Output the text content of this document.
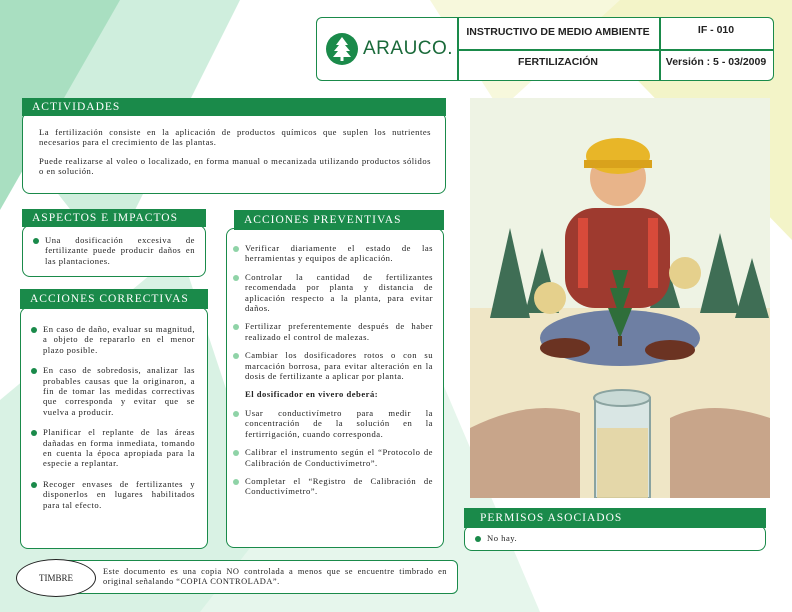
ARAUCO.
INSTRUCTIVO DE MEDIO AMBIENTE	IF - 010
FERTILIZACIÓN	Versión : 5 - 03/2009
ACTIVIDADES

La fertilización consiste en la aplicación de productos químicos que suplen los nutrientes necesarios para el crecimiento de las plantas.

Puede realizarse al voleo o localizado, en forma manual o mecanizada utilizando productos sólidos o en solución.

ASPECTOS E IMPACTOS
Una dosificación excesiva de fertilizante puede producir daños en las plantaciones.
ACCIONES CORRECTIVAS
En caso de daño, evaluar su magnitud, a objeto de repararlo en el menor plazo posible.
En caso de sobredosis, analizar las probables causas que la originaron, a fin de tomar las medidas correctivas que corresponda y evitar que se vuelva a producir.
Planificar el replante de las áreas dañadas en forma inmediata, tomando en cuenta la época apropiada para la especie a replantar.
Recoger envases de fertilizantes y disponerlos en lugares habilitados para tal efecto.
ACCIONES PREVENTIVAS
Verificar diariamente el estado de las herramientas y equipos de aplicación.
Controlar la cantidad de fertilizantes recomendada por planta y distancia de aplicación respecto a la planta, para evitar daños.
Fertilizar preferentemente después de haber realizado el control de malezas.
Cambiar los dosificadores rotos o con su marcación borrosa, para evitar alteración en la dosis de fertilizante a aplicar por planta.

El dosificador en vivero deberá:

Usar conductivímetro para medir la concentración de la solución en la fertirrigación, cuando corresponda.
Calibrar el instrumento según el “Protocolo de Calibración de Conductivímetro”.
Completar el “Registro de Calibración de Conductivímetro”.
PERMISOS ASOCIADOS
No hay.

Este documento es una copia NO controlada a menos que se encuentre timbrado en original señalando “COPIA CONTROLADA”.

TIMBRE
